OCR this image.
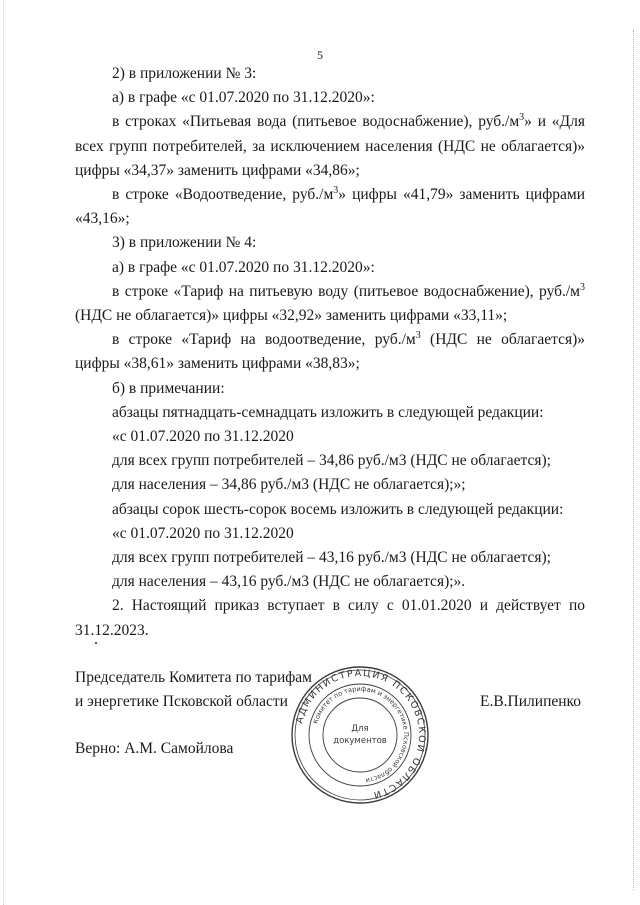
5

2) в приложении № 3:

а) в графе «с 01.07.2020 по 31.12.2020»:

в строках «Питьевая вода (питьевое водоснабжение), $руб./м^3$» и «Для всех групп потребителей, за исключением населения (НДС не облагается)» цифры «34,37» заменить цифрами «34,86»;

в строке «Водоотведение, $руб./м^3$» цифры «41,79» заменить цифрами «43,16»;

3) в приложении № 4:

а) в графе «с 01.07.2020 по 31.12.2020»:

в строке «Тариф на питьевую воду (питьевое водоснабжение), $руб./м^3$ (НДС не облагается)» цифры «32,92» заменить цифрами «33,11»;

в строке «Тариф на водоотведение, $руб./м^3$ (НДС не облагается)» цифры «38,61» заменить цифрами «38,83»;

б) в примечании:

абзацы пятнадцать-семнадцать изложить в следующей редакции:

«с 01.07.2020 по 31.12.2020

для всех групп потребителей – 34,86 руб./м3 (НДС не облагается);

для населения – 34,86 руб./м3 (НДС не облагается);»;

абзацы сорок шесть-сорок восемь изложить в следующей редакции:

«с 01.07.2020 по 31.12.2020

для всех групп потребителей – 43,16 руб./м3 (НДС не облагается);

для населения – 43,16 руб./м3 (НДС не облагается);».

2. Настоящий приказ вступает в силу с 01.01.2020 и действует по 31.12.2023.

Председатель Комитета по тарифам
и энергетике Псковской области	Е.В.Пилипенко
Верно: А.М. Самойлова
АДМИНИСТРАЦИЯ ПСКОВСКОЙ ОБЛАСТИ
Комитет по тарифам и энергетике Псковской области
Для
документов
